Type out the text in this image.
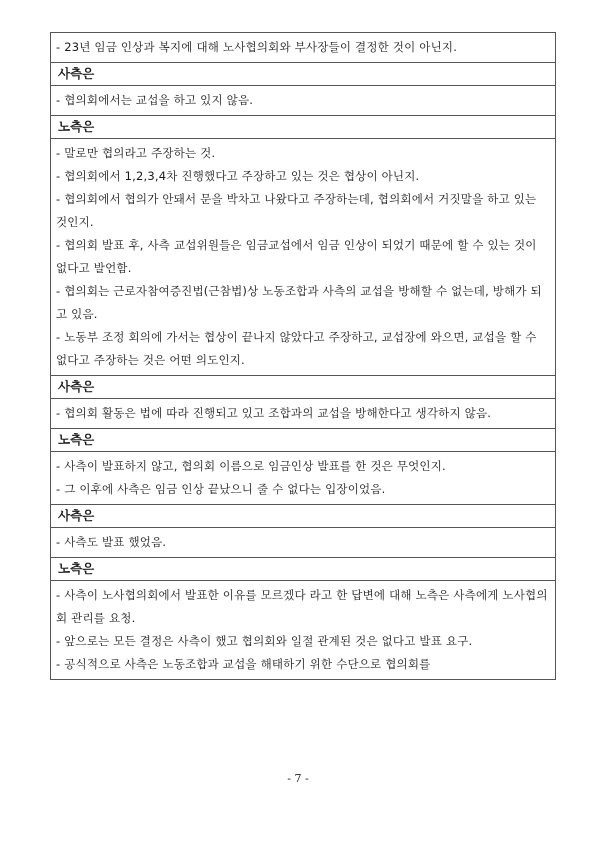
- 23년 임금 인상과 복지에 대해 노사협의회와 부사장들이 결정한 것이 아닌지.

사측은

- 협의회에서는 교섭을 하고 있지 않음.

노측은

- 말로만 협의라고 주장하는 것.

- 협의회에서 1,2,3,4차 진행했다고 주장하고 있는 것은 협상이 아닌지.

- 협의회에서 협의가 안돼서 문을 박차고 나왔다고 주장하는데, 협의회에서 거짓말을 하고 있는 것인지.

- 협의회 발표 후, 사측 교섭위원들은 임금교섭에서 임금 인상이 되었기 때문에 할 수 있는 것이 없다고 발언함.

- 협의회는 근로자참여증진법(근참법)상 노동조합과 사측의 교섭을 방해할 수 없는데, 방해가 되고 있음.

- 노동부 조정 회의에 가서는 협상이 끝나지 않았다고 주장하고, 교섭장에 와으면, 교섭을 할 수 없다고 주장하는 것은 어떤 의도인지.

사측은

- 협의회 활동은 법에 따라 진행되고 있고 조합과의 교섭을 방해한다고 생각하지 않음.

노측은

- 사측이 발표하지 않고, 협의회 이름으로 임금인상 발표를 한 것은 무엇인지.

- 그 이후에 사측은 임금 인상 끝났으니 줄 수 없다는 입장이었음.

사측은

- 사측도 발표 했었음.

노측은

- 사측이 노사협의회에서 발표한 이유를 모르겠다 라고 한 답변에 대해 노측은 사측에게 노사협의회 관리를 요청.

- 앞으로는 모든 결정은 사측이 했고 협의회와 일절 관계된 것은 없다고 발표 요구.

- 공식적으로 사측은 노동조합과 교섭을 해태하기 위한 수단으로 협의회를

- 7 -
